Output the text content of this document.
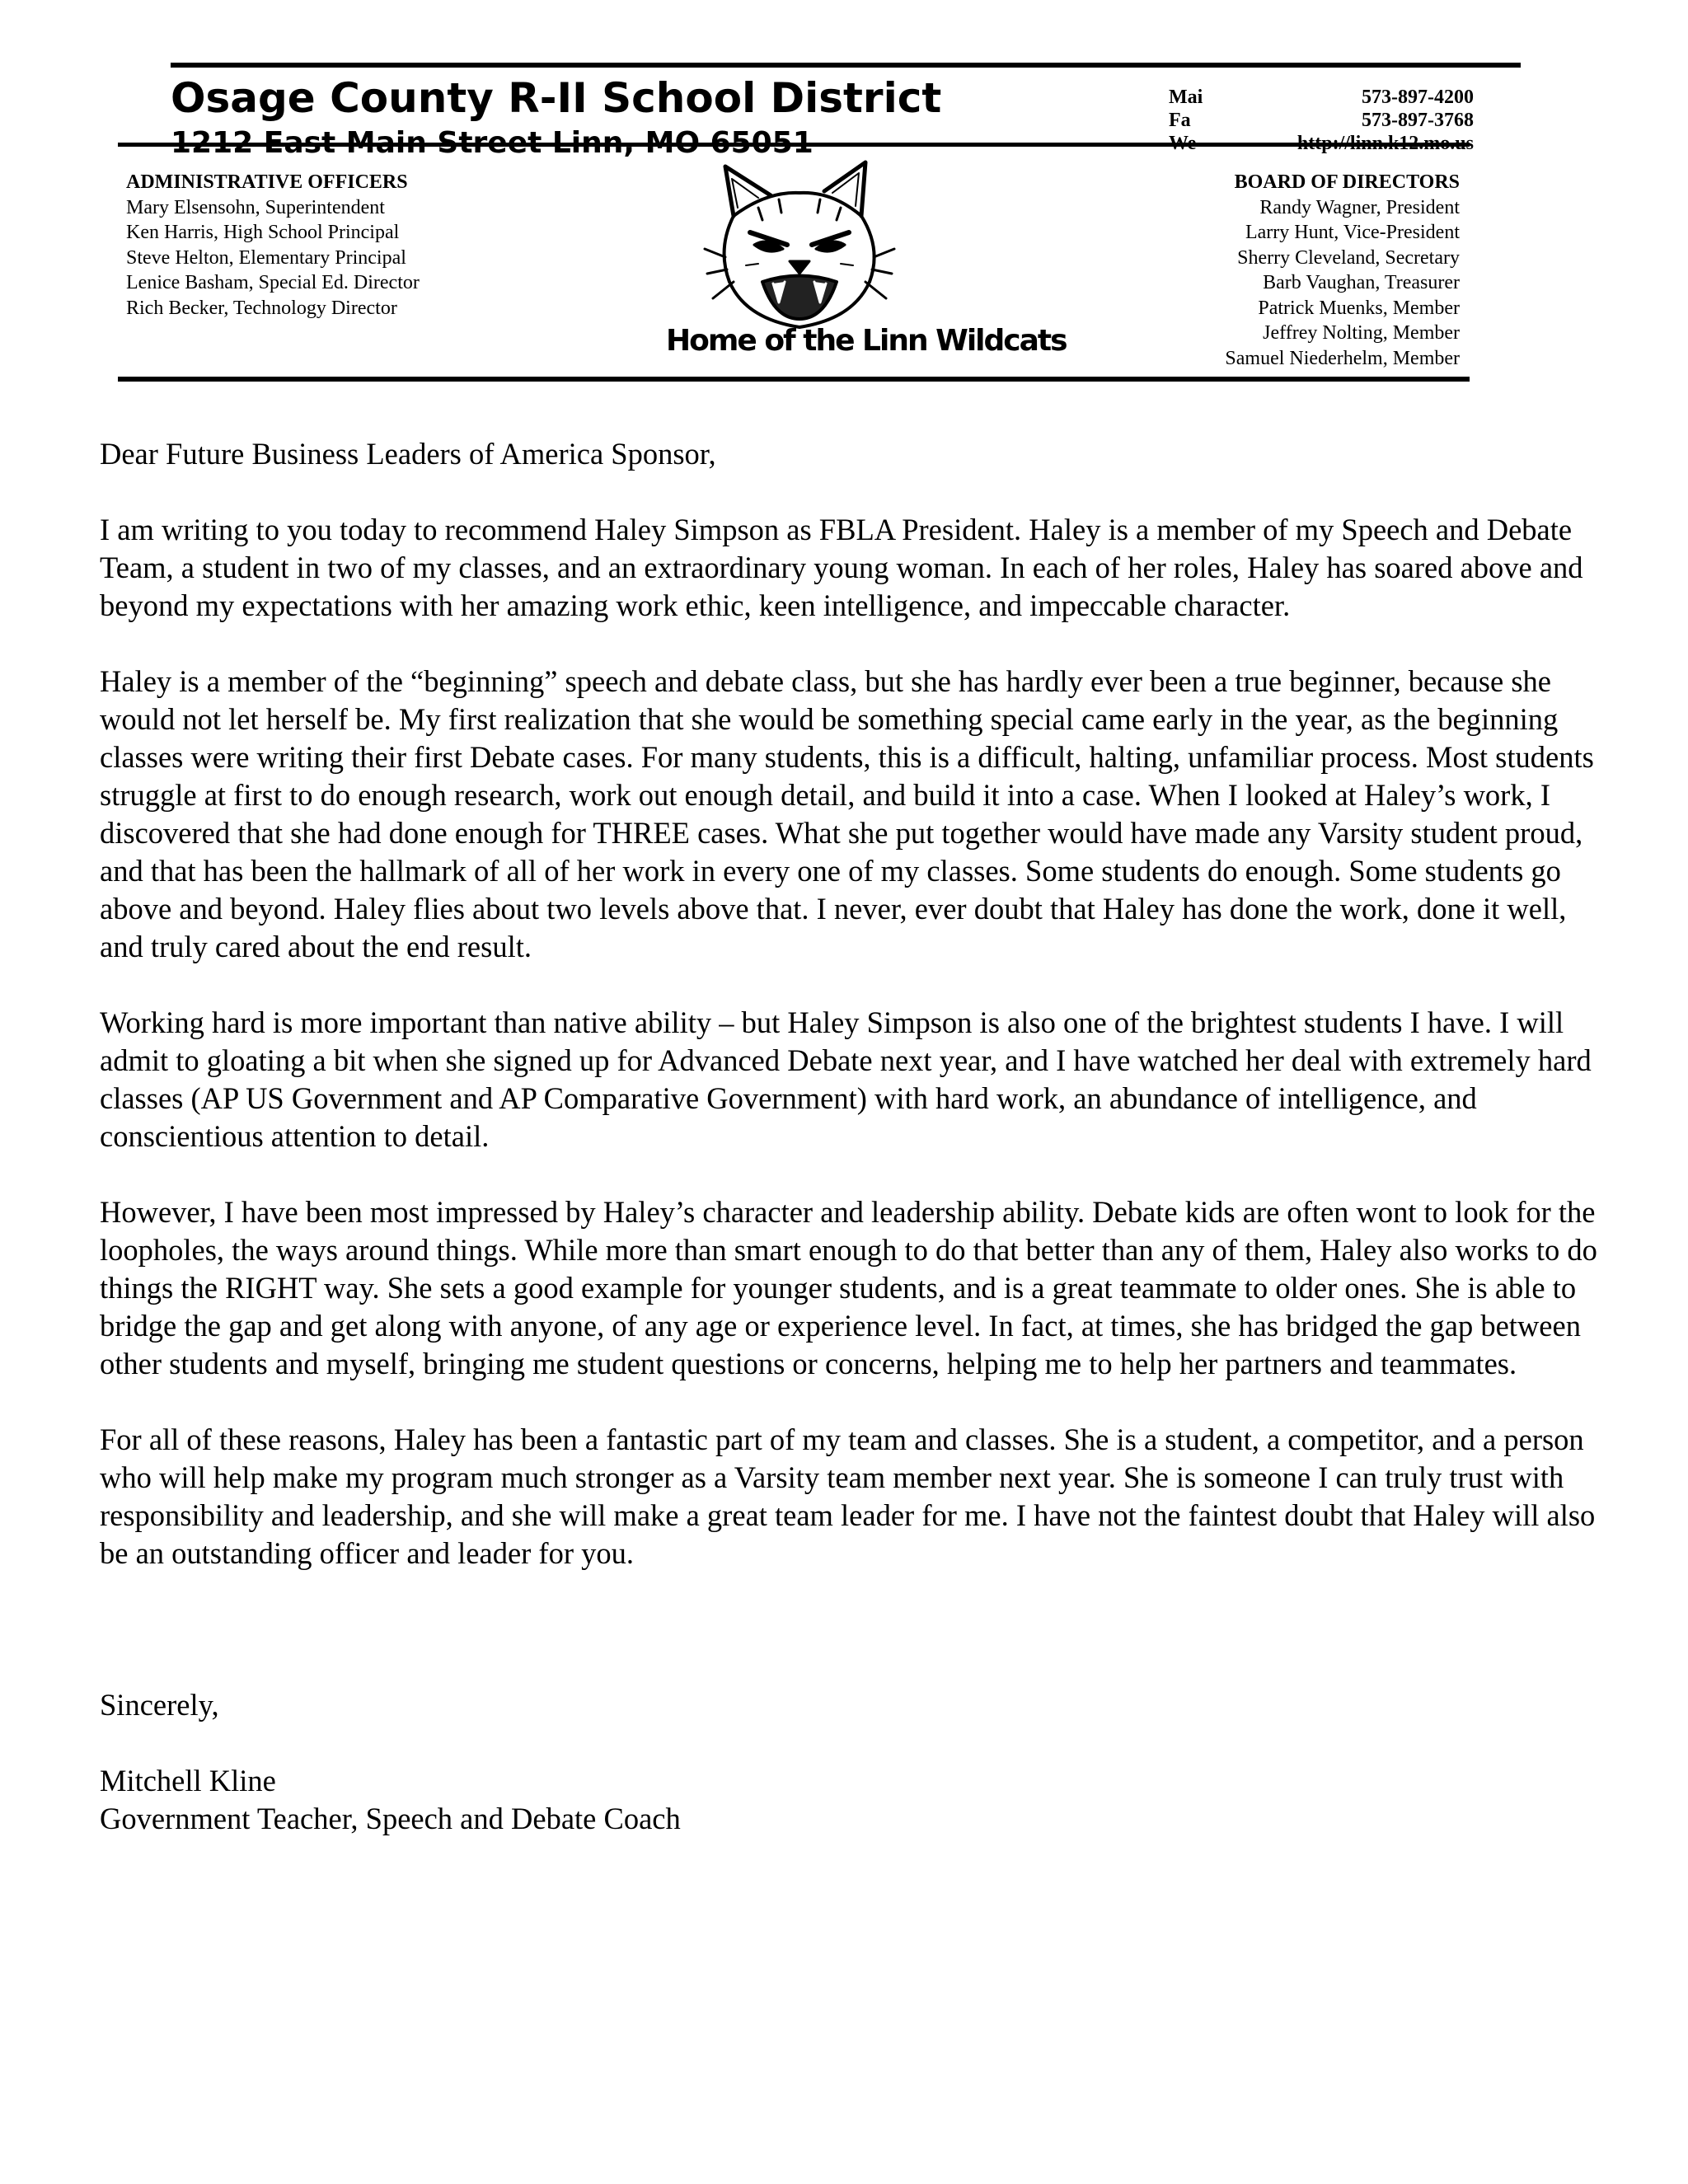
Osage County R-II School District
1212 East Main Street Linn, MO 65051
Mai	573-897-4200
Fa	573-897-3768
We	http://linn.k12.mo.us
ADMINISTRATIVE OFFICERS
Mary Elsensohn, Superintendent
Ken Harris, High School Principal
Steve Helton, Elementary Principal
Lenice Basham, Special Ed. Director
Rich Becker, Technology Director
Home of the Linn Wildcats
BOARD OF DIRECTORS
Randy Wagner, President
Larry Hunt, Vice-President
Sherry Cleveland, Secretary
Barb Vaughan, Treasurer
Patrick Muenks, Member
Jeffrey Nolting, Member
Samuel Niederhelm, Member

Dear Future Business Leaders of America Sponsor,

I am writing to you today to recommend Haley Simpson as FBLA President. Haley is a member of my Speech and Debate Team, a student in two of my classes, and an extraordinary young woman. In each of her roles, Haley has soared above and beyond my expectations with her amazing work ethic, keen intelligence, and impeccable character.

Haley is a member of the “beginning” speech and debate class, but she has hardly ever been a true beginner, because she would not let herself be. My first realization that she would be something special came early in the year, as the beginning classes were writing their first Debate cases. For many students, this is a difficult, halting, unfamiliar process. Most students struggle at first to do enough research, work out enough detail, and build it into a case. When I looked at Haley’s work, I discovered that she had done enough for THREE cases. What she put together would have made any Varsity student proud, and that has been the hallmark of all of her work in every one of my classes. Some students do enough. Some students go above and beyond. Haley flies about two levels above that. I never, ever doubt that Haley has done the work, done it well, and truly cared about the end result.

Working hard is more important than native ability – but Haley Simpson is also one of the brightest students I have. I will admit to gloating a bit when she signed up for Advanced Debate next year, and I have watched her deal with extremely hard classes (AP US Government and AP Comparative Government) with hard work, an abundance of intelligence, and conscientious attention to detail.

However, I have been most impressed by Haley’s character and leadership ability. Debate kids are often wont to look for the loopholes, the ways around things. While more than smart enough to do that better than any of them, Haley also works to do things the RIGHT way. She sets a good example for younger students, and is a great teammate to older ones. She is able to bridge the gap and get along with anyone, of any age or experience level. In fact, at times, she has bridged the gap between other students and myself, bringing me student questions or concerns, helping me to help her partners and teammates.

For all of these reasons, Haley has been a fantastic part of my team and classes. She is a student, a competitor, and a person who will help make my program much stronger as a Varsity team member next year. She is someone I can truly trust with responsibility and leadership, and she will make a great team leader for me. I have not the faintest doubt that Haley will also be an outstanding officer and leader for you.

Sincerely,

Mitchell Kline
Government Teacher, Speech and Debate Coach
